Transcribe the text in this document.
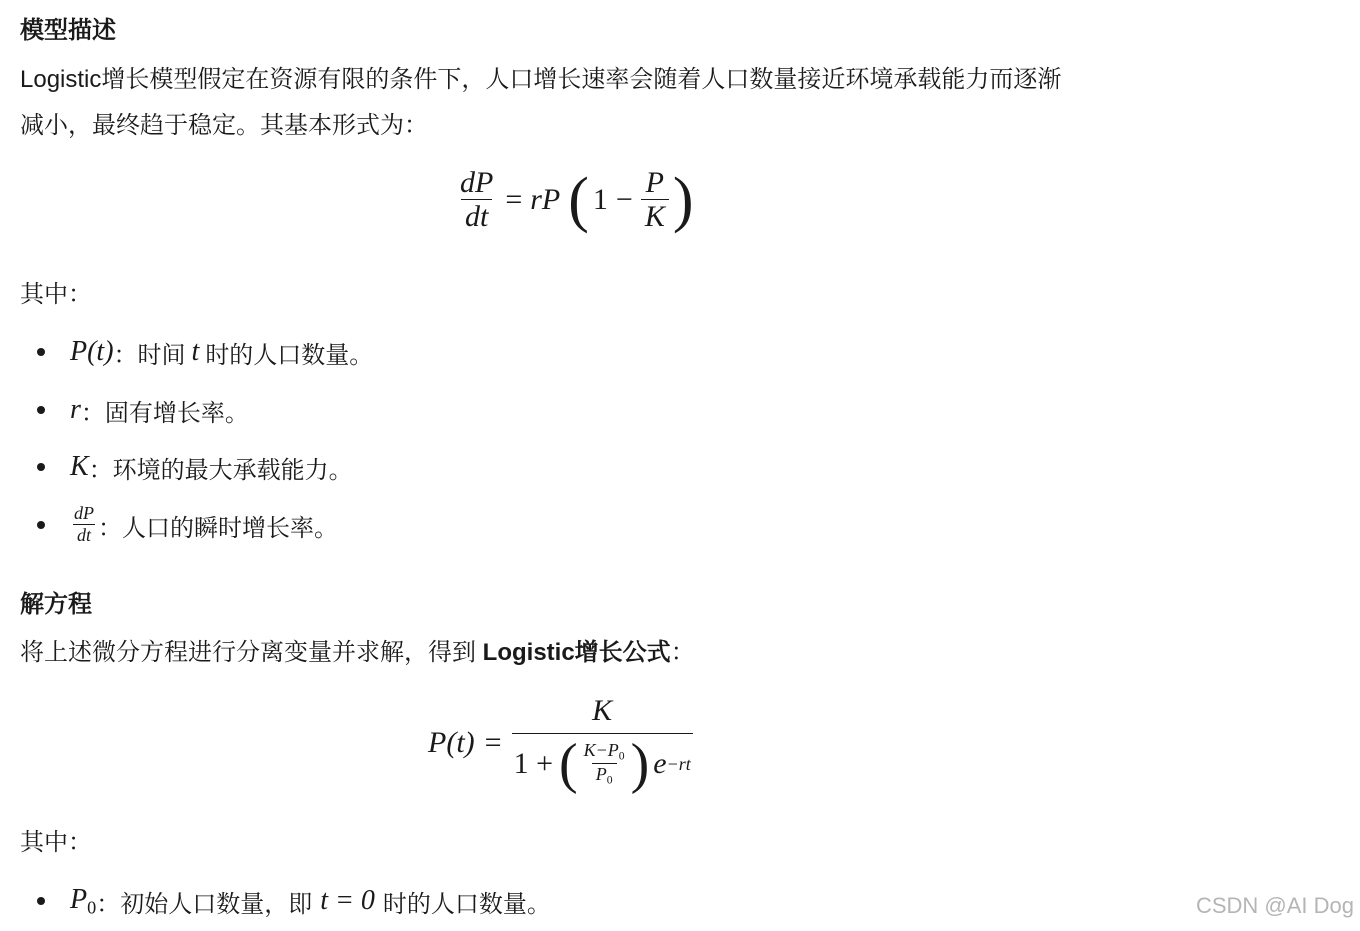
模型描述
Logistic增长模型假定在资源有限的条件下，人口增长速率会随着人口数量接近环境承载能力而逐渐
减小，最终趋于稳定。其基本形式为：
$\frac{dP}{dt}$ = rP ( $1 - \frac{P}{K}$ )
其中：
P(t) ：时间 t 时的人口数量。
r ：固有增长率。
K ：环境的最大承载能力。
$\frac{dP}{dt}$ ：人口的瞬时增长率。
解方程
将上述微分方程进行分离变量并求解，得到 Logistic增长公式：
P(t) =
K
1 + ( $\frac{K-P_0}{P_0}$ ) e −rt
其中：
$P_0$ ：初始人口数量，即 t = 0 时的人口数量。	CSDN @AI Dog
